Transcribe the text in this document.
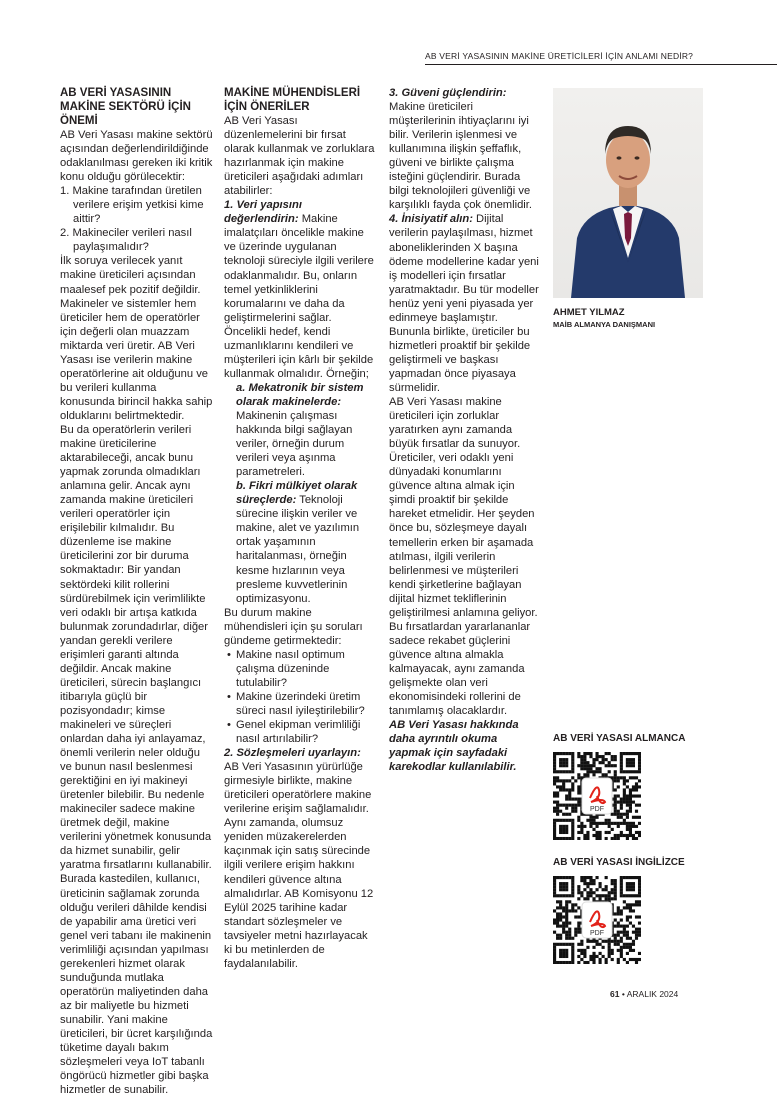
AB VERİ YASASININ MAKİNE ÜRETİCİLERİ İÇİN ANLAMI NEDİR?
AB VERİ YASASININ MAKİNE SEKTÖRÜ İÇİN ÖNEMİ

AB Veri Yasası makine sektörü açısından değerlendirildiğinde odaklanılması gereken iki kritik konu olduğu görülecektir:

1. Makine tarafından üretilen verilere erişim yetkisi kime aittir?
2. Makineciler verileri nasıl paylaşımalıdır?

İlk soruya verilecek yanıt makine üreticileri açısından maalesef pek pozitif değildir. Makineler ve sistemler hem üreticiler hem de operatörler için değerli olan muazzam miktarda veri üretir. AB Veri Yasası ise verilerin makine operatörlerine ait olduğunu ve bu verileri kullanma konusunda birincil hakka sahip olduklarını belirtmektedir.

Bu da operatörlerin verileri makine üreticilerine aktarabileceği, ancak bunu yapmak zorunda olmadıkları anlamına gelir. Ancak aynı zamanda makine üreticileri verileri operatörler için erişilebilir kılmalıdır. Bu düzenleme ise makine üreticilerini zor bir duruma sokmaktadır: Bir yandan sektördeki kilit rollerini sürdürebilmek için verimlilikte veri odaklı bir artışa katkıda bulunmak zorundadırlar, diğer yandan gerekli verilere erişimleri garanti altında değildir. Ancak makine üreticileri, sürecin başlangıcı itibarıyla güçlü bir pozisyondadır; kimse makineleri ve süreçleri onlardan daha iyi anlayamaz, önemli verilerin neler olduğu ve bunun nasıl beslenmesi gerektiğini en iyi makineyi üretenler bilebilir. Bu nedenle makineciler sadece makine üretmek değil, makine verilerini yönetmek konusunda da hizmet sunabilir, gelir yaratma fırsatlarını kullanabilir. Burada kastedilen, kullanıcı, üreticinin sağlamak zorunda olduğu verileri dâhilde kendisi de yapabilir ama üretici veri genel veri tabanı ile makinenin verimliliği açısından yapılması gerekenleri hizmet olarak sunduğunda mutlaka operatörün maliyetinden daha az bir maliyetle bu hizmeti sunabilir. Yani makine üreticileri, bir ücret karşılığında tüketime dayalı bakım sözleşmeleri veya IoT tabanlı öngörücü hizmetler gibi başka hizmetler de sunabilir.

MAKİNE MÜHENDİSLERİ İÇİN ÖNERİLER

AB Veri Yasası düzenlemelerini bir fırsat olarak kullanmak ve zorluklara hazırlanmak için makine üreticileri aşağıdaki adımları atabilirler:

1. Veri yapısını değerlendirin: Makine imalatçıları öncelikle makine ve üzerinde uygulanan teknoloji süreciyle ilgili verilere odaklanmalıdır. Bu, onların temel yetkinliklerini korumalarını ve daha da geliştirmelerini sağlar. Öncelikli hedef, kendi uzmanlıklarını kendileri ve müşterileri için kârlı bir şekilde kullanmak olmalıdır. Örneğin;

a. Mekatronik bir sistem olarak makinelerde:
Makinenin çalışması hakkında bilgi sağlayan veriler, örneğin durum verileri veya aşınma parametreleri.

b. Fikri mülkiyet olarak süreçlerde: Teknoloji sürecine ilişkin veriler ve makine, alet ve yazılımın ortak yaşamının haritalanması, örneğin kesme hızlarının veya presleme kuvvetlerinin optimizasyonu.

Bu durum makine mühendisleri için şu soruları gündeme getirmektedir:

• Makine nasıl optimum çalışma düzeninde tutulabilir?
• Makine üzerindeki üretim süreci nasıl iyileştirilebilir?
• Genel ekipman verimliliği nasıl artırılabilir?

2. Sözleşmeleri uyarlayın: AB Veri Yasasının yürürlüğe girmesiyle birlikte, makine üreticileri operatörlere makine verilerine erişim sağlamalıdır. Aynı zamanda, olumsuz yeniden müzakerelerden kaçınmak için satış sürecinde ilgili verilere erişim hakkını kendileri güvence altına almalıdırlar. AB Komisyonu 12 Eylül 2025 tarihine kadar standart sözleşmeler ve tavsiyeler metni hazırlayacak ki bu metinlerden de faydalanılabilir.

3. Güveni güçlendirin: Makine üreticileri müşterilerinin ihtiyaçlarını iyi bilir. Verilerin işlenmesi ve kullanımına ilişkin şeffaflık, güveni ve birlikte çalışma isteğini güçlendirir. Burada bilgi teknolojileri güvenliği ve karşılıklı fayda çok önemlidir.

4. İnisiyatif alın: Dijital verilerin paylaşılması, hizmet aboneliklerinden X başına ödeme modellerine kadar yeni iş modelleri için fırsatlar yaratmaktadır. Bu tür modeller henüz yeni yeni piyasada yer edinmeye başlamıştır. Bununla birlikte, üreticiler bu hizmetleri proaktif bir şekilde geliştirmeli ve başkası yapmadan önce piyasaya sürmelidir.

AB Veri Yasası makine üreticileri için zorluklar yaratırken aynı zamanda büyük fırsatlar da sunuyor. Üreticiler, veri odaklı yeni dünyadaki konumlarını güvence altına almak için şimdi proaktif bir şekilde hareket etmelidir. Her şeyden önce bu, sözleşmeye dayalı temellerin erken bir aşamada atılması, ilgili verilerin belirlenmesi ve müşterileri kendi şirketlerine bağlayan dijital hizmet tekliflerinin geliştirilmesi anlamına geliyor. Bu fırsatlardan yararlananlar sadece rekabet güçlerini güvence altına almakla kalmayacak, aynı zamanda gelişmekte olan veri ekonomisindeki rollerini de tanımlamış olacaklardır.

AB Veri Yasası hakkında daha ayrıntılı okuma yapmak için sayfadaki karekodlar kullanılabilir.

AHMET YILMAZ
MAİB ALMANYA DANIŞMANI
AB VERİ YASASI ALMANCA
PDF
AB VERİ YASASI İNGİLİZCE
PDF
61 • ARALIK 2024
